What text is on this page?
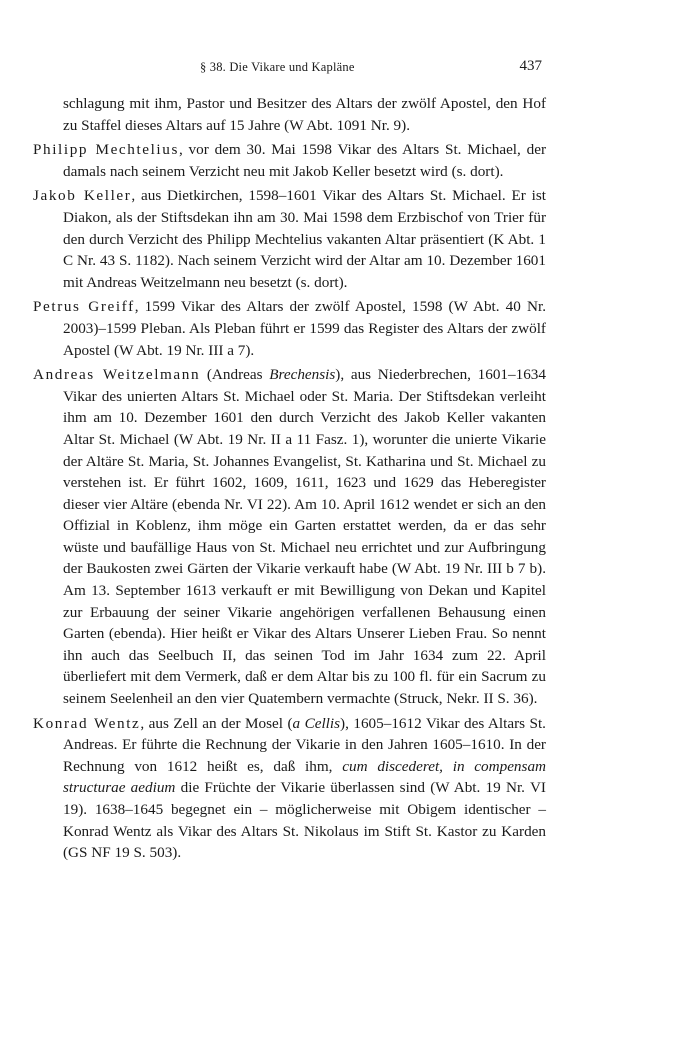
§ 38. Die Vikare und Kapläne	437

schlagung mit ihm, Pastor und Besitzer des Altars der zwölf Apostel, den Hof zu Staffel dieses Altars auf 15 Jahre (W Abt. 1091 Nr. 9).

Philipp Mechtelius, vor dem 30. Mai 1598 Vikar des Altars St. Michael, der damals nach seinem Verzicht neu mit Jakob Keller besetzt wird (s. dort).

Jakob Keller, aus Dietkirchen, 1598–1601 Vikar des Altars St. Michael. Er ist Diakon, als der Stiftsdekan ihn am 30. Mai 1598 dem Erzbischof von Trier für den durch Verzicht des Philipp Mechtelius vakanten Altar präsentiert (K Abt. 1 C Nr. 43 S. 1182). Nach seinem Verzicht wird der Altar am 10. Dezember 1601 mit Andreas Weitzelmann neu besetzt (s. dort).

Petrus Greiff, 1599 Vikar des Altars der zwölf Apostel, 1598 (W Abt. 40 Nr. 2003)–1599 Pleban. Als Pleban führt er 1599 das Register des Altars der zwölf Apostel (W Abt. 19 Nr. III a 7).

Andreas Weitzelmann (Andreas Brechensis), aus Niederbrechen, 1601–1634 Vikar des unierten Altars St. Michael oder St. Maria. Der Stiftsdekan verleiht ihm am 10. Dezember 1601 den durch Verzicht des Jakob Keller vakanten Altar St. Michael (W Abt. 19 Nr. II a 11 Fasz. 1), worunter die unierte Vikarie der Altäre St. Maria, St. Johannes Evangelist, St. Katharina und St. Michael zu verstehen ist. Er führt 1602, 1609, 1611, 1623 und 1629 das Heberegister dieser vier Altäre (ebenda Nr. VI 22). Am 10. April 1612 wendet er sich an den Offizial in Koblenz, ihm möge ein Garten erstattet werden, da er das sehr wüste und baufällige Haus von St. Michael neu errichtet und zur Aufbringung der Baukosten zwei Gärten der Vikarie verkauft habe (W Abt. 19 Nr. III b 7 b). Am 13. September 1613 verkauft er mit Bewilligung von Dekan und Kapitel zur Erbauung der seiner Vikarie angehörigen verfallenen Behausung einen Garten (ebenda). Hier heißt er Vikar des Altars Unserer Lieben Frau. So nennt ihn auch das Seelbuch II, das seinen Tod im Jahr 1634 zum 22. April überliefert mit dem Vermerk, daß er dem Altar bis zu 100 fl. für ein Sacrum zu seinem Seelenheil an den vier Quatembern vermachte (Struck, Nekr. II S. 36).

Konrad Wentz, aus Zell an der Mosel (a Cellis), 1605–1612 Vikar des Altars St. Andreas. Er führte die Rechnung der Vikarie in den Jahren 1605–1610. In der Rechnung von 1612 heißt es, daß ihm, cum discederet, in compensam structurae aedium die Früchte der Vikarie überlassen sind (W Abt. 19 Nr. VI 19). 1638–1645 begegnet ein – möglicherweise mit Obigem identischer – Konrad Wentz als Vikar des Altars St. Nikolaus im Stift St. Kastor zu Karden (GS NF 19 S. 503).
